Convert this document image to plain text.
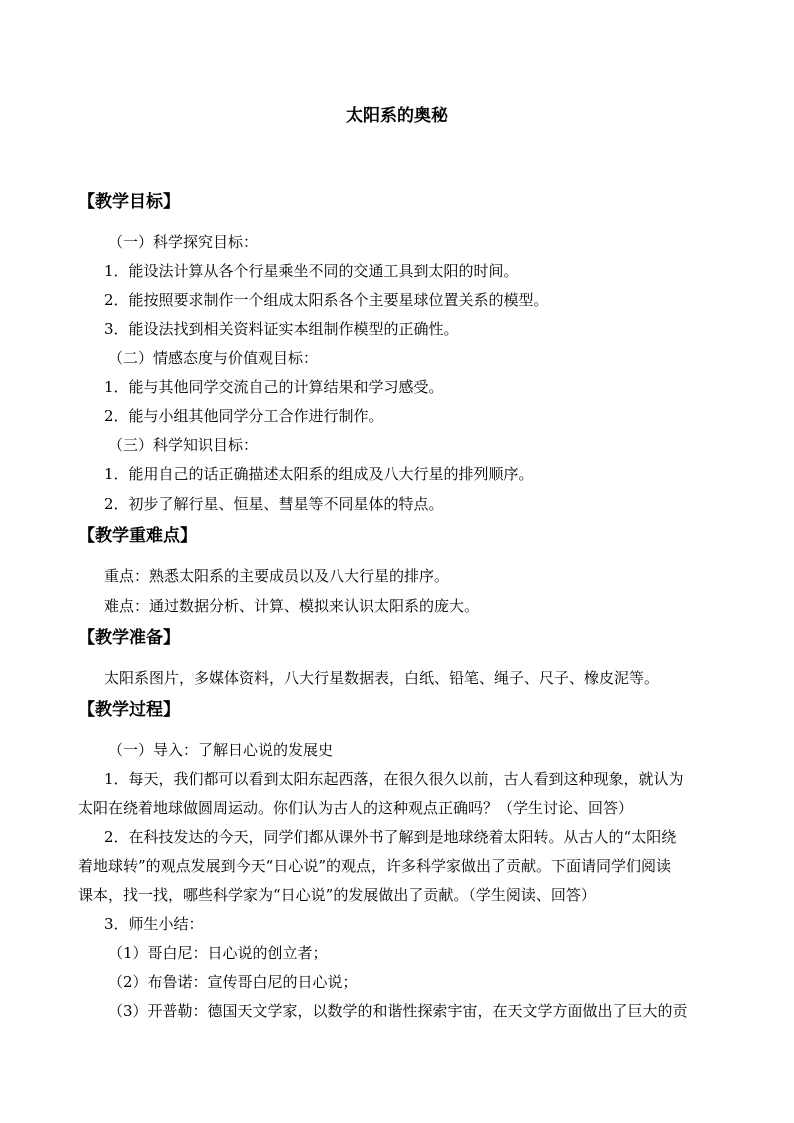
太阳系的奥秘
【教学目标】
（一）科学探究目标：
1．能设法计算从各个行星乘坐不同的交通工具到太阳的时间。
2．能按照要求制作一个组成太阳系各个主要星球位置关系的模型。
3．能设法找到相关资料证实本组制作模型的正确性。
（二）情感态度与价值观目标：
1．能与其他同学交流自己的计算结果和学习感受。
2．能与小组其他同学分工合作进行制作。
（三）科学知识目标：
1．能用自己的话正确描述太阳系的组成及八大行星的排列顺序。
2．初步了解行星、恒星、彗星等不同星体的特点。
【教学重难点】
重点：熟悉太阳系的主要成员以及八大行星的排序。
难点：通过数据分析、计算、模拟来认识太阳系的庞大。
【教学准备】
太阳系图片，多媒体资料，八大行星数据表，白纸、铅笔、绳子、尺子、橡皮泥等。
【教学过程】
（一）导入：了解日心说的发展史
1．每天，我们都可以看到太阳东起西落，在很久很久以前，古人看到这种现象，就认为
太阳在绕着地球做圆周运动。你们认为古人的这种观点正确吗？（学生讨论、回答）
2．在科技发达的今天，同学们都从课外书了解到是地球绕着太阳转。从古人的“太阳绕
着地球转”的观点发展到今天“日心说”的观点，许多科学家做出了贡献。下面请同学们阅读
课本，找一找，哪些科学家为“日心说”的发展做出了贡献。（学生阅读、回答）
3．师生小结：
（1）哥白尼：日心说的创立者；
（2）布鲁诺：宣传哥白尼的日心说；
（3）开普勒：德国天文学家，以数学的和谐性探索宇宙，在天文学方面做出了巨大的贡
